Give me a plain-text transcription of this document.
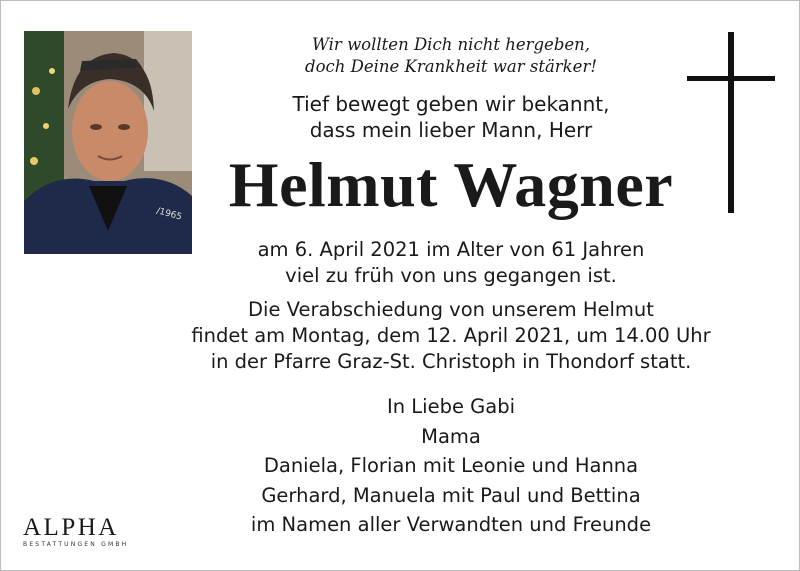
/1965
Wir wollten Dich nicht hergeben,
doch Deine Krankheit war stärker!
Tief bewegt geben wir bekannt,
dass mein lieber Mann, Herr
Helmut Wagner
am 6. April 2021 im Alter von 61 Jahren
viel zu früh von uns gegangen ist.
Die Verabschiedung von unserem Helmut
findet am Montag, dem 12. April 2021, um 14.00 Uhr
in der Pfarre Graz-St. Christoph in Thondorf statt.
In Liebe Gabi
Mama
Daniela, Florian mit Leonie und Hanna
Gerhard, Manuela mit Paul und Bettina
im Namen aller Verwandten und Freunde
ALPHA
BESTATTUNGEN GMBH
